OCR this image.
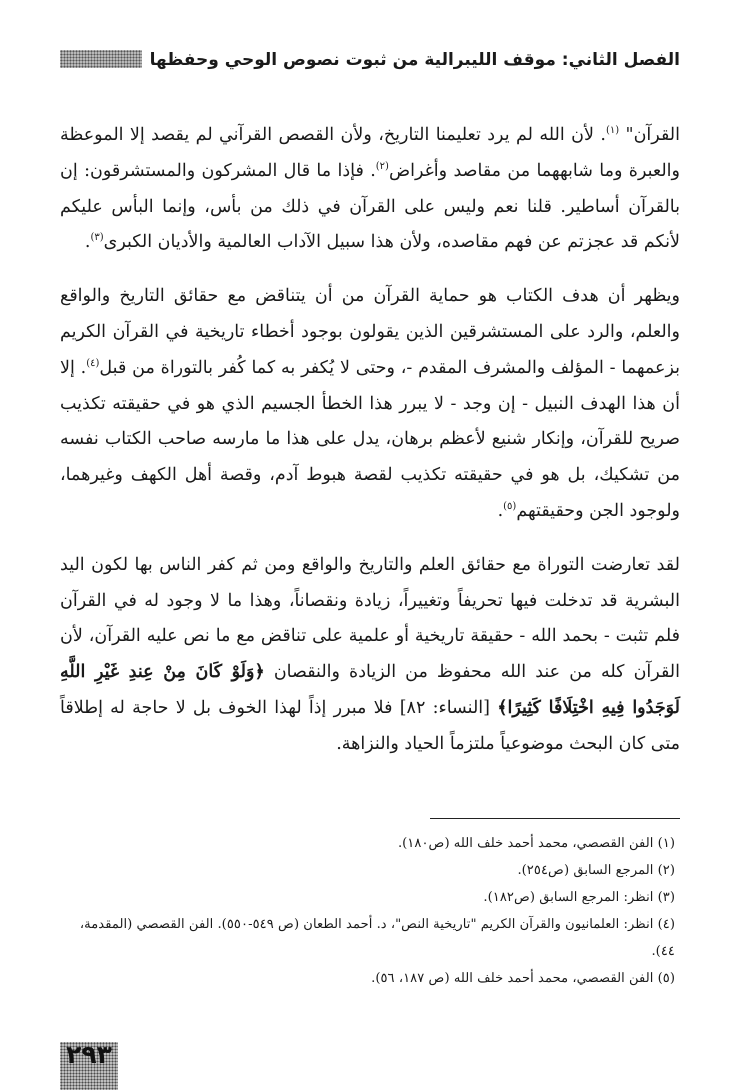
الفصل الثاني: موقف الليبرالية من ثبوت نصوص الوحي وحفظها

القرآن" $^{(١)}$. لأن الله لم يرد تعليمنا التاريخ، ولأن القصص القرآني لم يقصد إلا الموعظة والعبرة وما شابههما من مقاصد وأغراض$^{(٢)}$. فإذا ما قال المشركون والمستشرقون: إن بالقرآن أساطير. قلنا نعم وليس على القرآن في ذلك من بأس، وإنما البأس عليكم لأنكم قد عجزتم عن فهم مقاصده، ولأن هذا سبيل الآداب العالمية والأديان الكبرى$^{(٣)}$.

ويظهر أن هدف الكتاب هو حماية القرآن من أن يتناقض مع حقائق التاريخ والواقع والعلم، والرد على المستشرقين الذين يقولون بوجود أخطاء تاريخية في القرآن الكريم بزعمهما - المؤلف والمشرف المقدم -، وحتى لا يُكفر به كما كُفر بالتوراة من قبل$^{(٤)}$. إلا أن هذا الهدف النبيل - إن وجد - لا يبرر هذا الخطأ الجسيم الذي هو في حقيقته تكذيب صريح للقرآن، وإنكار شنيع لأعظم برهان، يدل على هذا ما مارسه صاحب الكتاب نفسه من تشكيك، بل هو في حقيقته تكذيب لقصة هبوط آدم، وقصة أهل الكهف وغيرهما، ولوجود الجن وحقيقتهم$^{(٥)}$.

لقد تعارضت التوراة مع حقائق العلم والتاريخ والواقع ومن ثم كفر الناس بها لكون اليد البشرية قد تدخلت فيها تحريفاً وتغييراً، زيادة ونقصاناً، وهذا ما لا وجود له في القرآن فلم تثبت - بحمد الله - حقيقة تاريخية أو علمية على تناقض مع ما نص عليه القرآن، لأن القرآن كله من عند الله محفوظ من الزيادة والنقصان ﴿وَلَوْ كَانَ مِنْ عِندِ غَيْرِ اللَّهِ لَوَجَدُوا فِيهِ اخْتِلَافًا كَثِيرًا﴾ [النساء: ٨٢] فلا مبرر إذاً لهذا الخوف بل لا حاجة له إطلاقاً متى كان البحث موضوعياً ملتزماً الحياد والنزاهة.

(١) الفن القصصي، محمد أحمد خلف الله (ص١٨٠).

(٢) المرجع السابق (ص٢٥٤).

(٣) انظر: المرجع السابق (ص١٨٢).

(٤) انظر: العلمانيون والقرآن الكريم "تاريخية النص"، د. أحمد الطعان (ص ٥٤٩-٥٥٠). الفن القصصي (المقدمة، ٤٤).

(٥) الفن القصصي، محمد أحمد خلف الله (ص ١٨٧، ٥٦).

٢٩٣
